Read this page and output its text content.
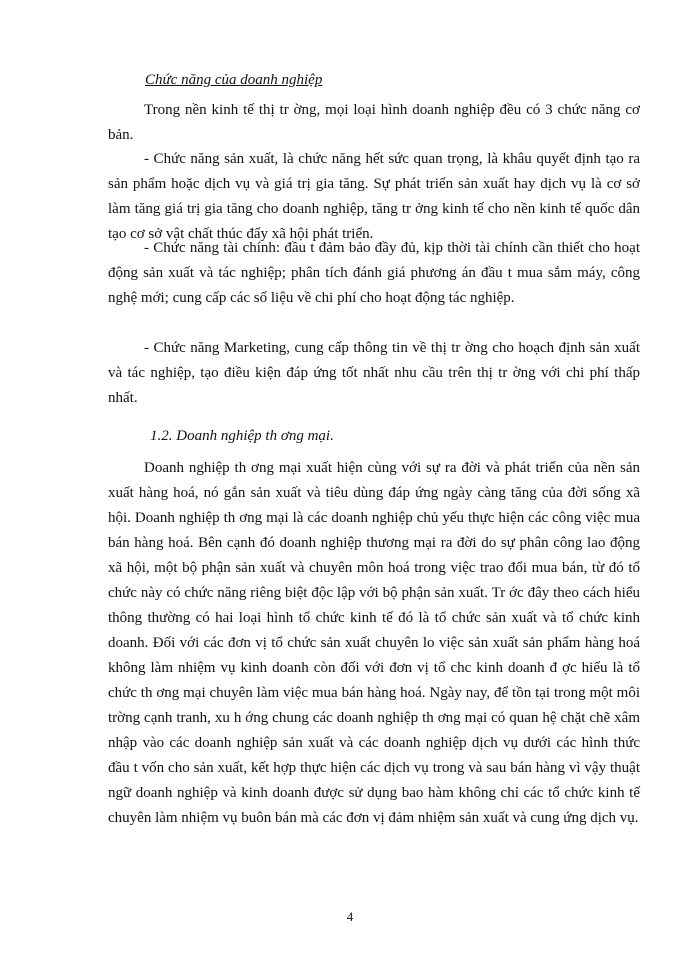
Chức năng của doanh nghiệp

Trong nền kinh tế thị tr ờng, mọi loại hình doanh nghiệp đều có 3 chức năng cơ bản.

- Chức năng sản xuất, là chức năng hết sức quan trọng, là khâu quyết định tạo ra sản phẩm hoặc dịch vụ và giá trị gia tăng. Sự phát triển sản xuất hay dịch vụ là cơ sở làm tăng giá trị gia tăng cho doanh nghiệp, tăng tr ởng kinh tế cho nền kinh tế quốc dân tạo cơ sở vật chất thúc đẩy xã hội phát triển.

- Chức năng tài chính: đầu t đảm bảo đầy đủ, kịp thời tài chính cần thiết cho hoạt động sản xuất và tác nghiệp; phân tích đánh giá phương án đầu t mua sắm máy, công nghệ mới; cung cấp các số liệu về chi phí cho hoạt động tác nghiệp.

- Chức năng Marketing, cung cấp thông tin về thị tr ờng cho hoạch định sản xuất và tác nghiệp, tạo điều kiện đáp ứng tốt nhất nhu cầu trên thị tr ờng với chi phí thấp nhất.

1.2. Doanh nghiệp th ơng mại.

Doanh nghiệp th ơng mại xuất hiện cùng với sự ra đời và phát triển của nền sản xuất hàng hoá, nó gắn sản xuất và tiêu dùng đáp ứng ngày càng tăng của đời sống xã hội. Doanh nghiệp th ơng mại là các doanh nghiệp chủ yếu thực hiện các công việc mua bán hàng hoá. Bên cạnh đó doanh nghiệp thương mại ra đời do sự phân công lao động xã hội, một bộ phận sản xuất và chuyên môn hoá trong việc trao đổi mua bán, từ đó tổ chức này có chức năng riêng biệt độc lập với bộ phận sản xuất. Tr ớc đây theo cách hiểu thông thường có hai loại hình tổ chức kinh tế đó là tổ chức sản xuất và tổ chức kinh doanh. Đối với các đơn vị tổ chức sản xuất chuyên lo việc sản xuất sản phẩm hàng hoá không làm nhiệm vụ kinh doanh còn đối với đơn vị tổ chc kinh doanh đ ợc hiểu là tổ chức th ơng mại chuyên làm việc mua bán hàng hoá. Ngày nay, để tồn tại trong một môi trờng cạnh tranh, xu h ớng chung các doanh nghiệp th ơng mại có quan hệ chặt chẽ xâm nhập vào các doanh nghiệp sản xuất và các doanh nghiệp dịch vụ dưới các hình thức đầu t vốn cho sản xuất, kết hợp thực hiện các dịch vụ trong và sau bán hàng vì vậy thuật ngữ doanh nghiệp và kinh doanh được sử dụng bao hàm không chỉ các tổ chức kinh tế chuyên làm nhiệm vụ buôn bán mà các đơn vị đảm nhiệm sản xuất và cung ứng dịch vụ.

4
